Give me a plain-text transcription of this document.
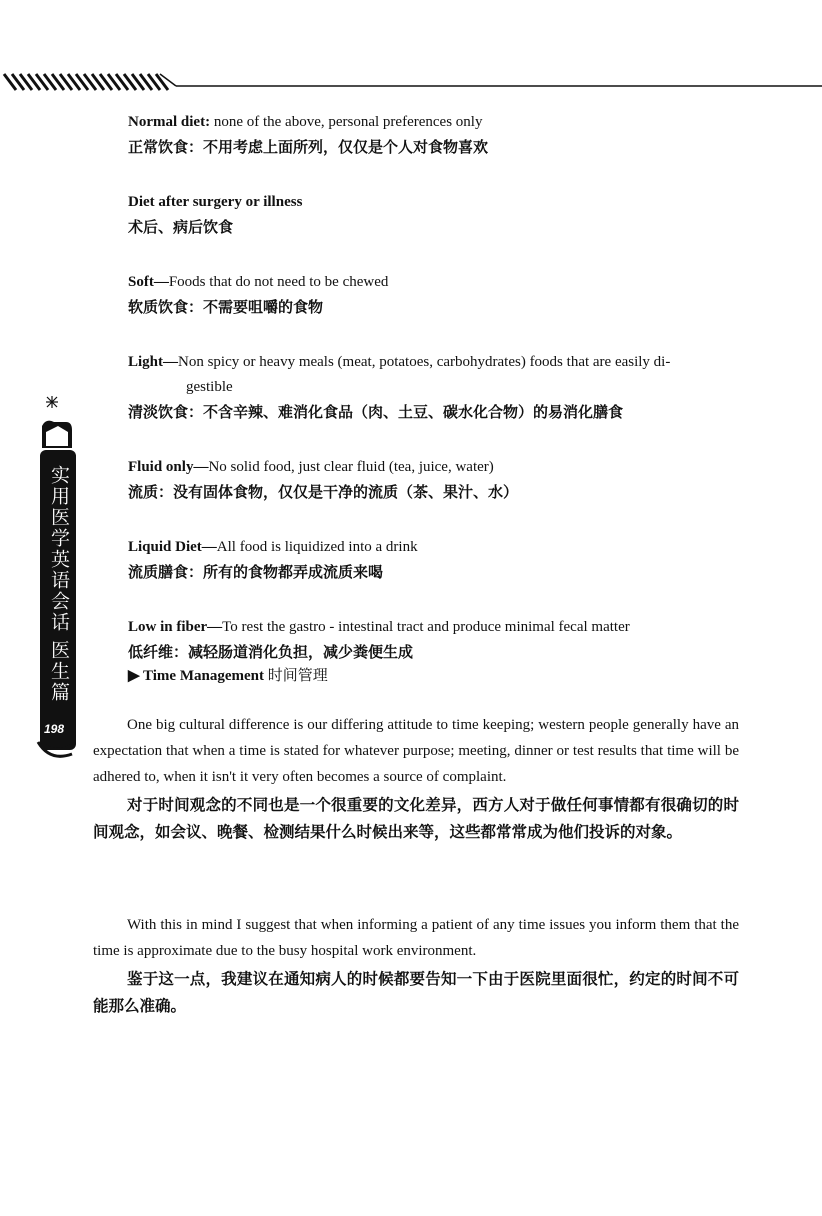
实用医学英语会话
医生篇
198

Normal diet: none of the above, personal preferences only

正常饮食：不用考虑上面所列，仅仅是个人对食物喜欢

Diet after surgery or illness

术后、病后饮食

Soft—Foods that do not need to be chewed

软质饮食：不需要咀嚼的食物

Light—Non spicy or heavy meals (meat, potatoes, carbohydrates) foods that are easily di-
gestible

清淡饮食：不含辛辣、难消化食品（肉、土豆、碳水化合物）的易消化膳食

Fluid only—No solid food, just clear fluid (tea, juice, water)

流质：没有固体食物，仅仅是干净的流质（茶、果汁、水）

Liquid Diet—All food is liquidized into a drink

流质膳食：所有的食物都弄成流质来喝

Low in fiber—To rest the gastro - intestinal tract and produce minimal fecal matter

低纤维：减轻肠道消化负担，减少粪便生成

▶ Time Management 时间管理

One big cultural difference is our differing attitude to time keeping; western people generally have an expectation that when a time is stated for whatever purpose; meeting, dinner or test results that time will be adhered to, when it isn't it very often becomes a source of complaint.

对于时间观念的不同也是一个很重要的文化差异，西方人对于做任何事情都有很确切的时间观念，如会议、晚餐、检测结果什么时候出来等，这些都常常成为他们投诉的对象。

With this in mind I suggest that when informing a patient of any time issues you inform them that the time is approximate due to the busy hospital work environment.

鉴于这一点，我建议在通知病人的时候都要告知一下由于医院里面很忙，约定的时间不可能那么准确。
